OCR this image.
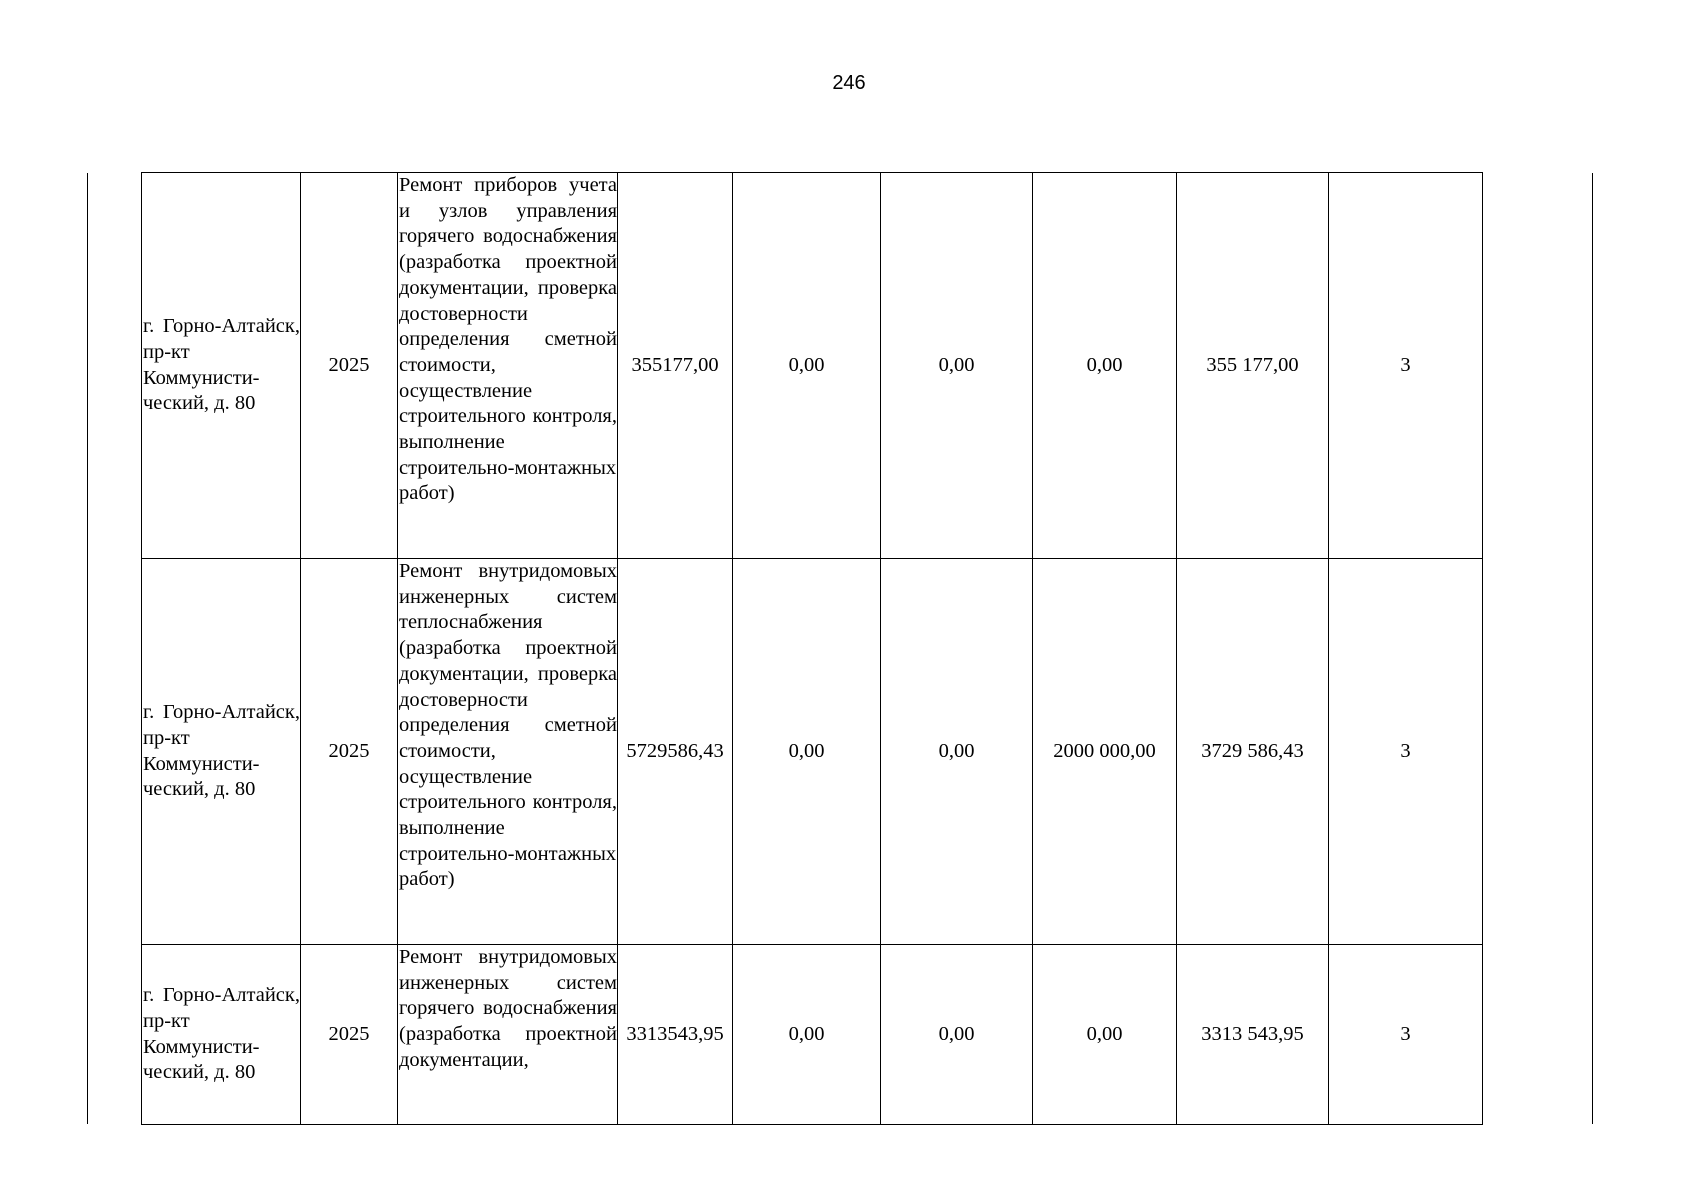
246
г. Горно-Алтайск, пр-кт Коммунисти-ческий, д. 80	2025	Ремонт приборов учета и узлов управления горячего водоснабжения (разработка проектной документации, проверка достоверности определения сметной стоимости, осуществление строительного контроля, выполнение строительно-монтажных работ)	355177,00	0,00	0,00	0,00	355 177,00	3
г. Горно-Алтайск, пр-кт Коммунисти-ческий, д. 80	2025	Ремонт внутридомовых инженерных систем теплоснабжения (разработка проектной документации, проверка достоверности определения сметной стоимости, осуществление строительного контроля, выполнение строительно-монтажных работ)	5729586,43	0,00	0,00	2000 000,00	3729 586,43	3
г. Горно-Алтайск, пр-кт Коммунисти-ческий, д. 80	2025	Ремонт внутридомовых инженерных систем горячего водоснабжения (разработка проектной документации,	3313543,95	0,00	0,00	0,00	3313 543,95	3
